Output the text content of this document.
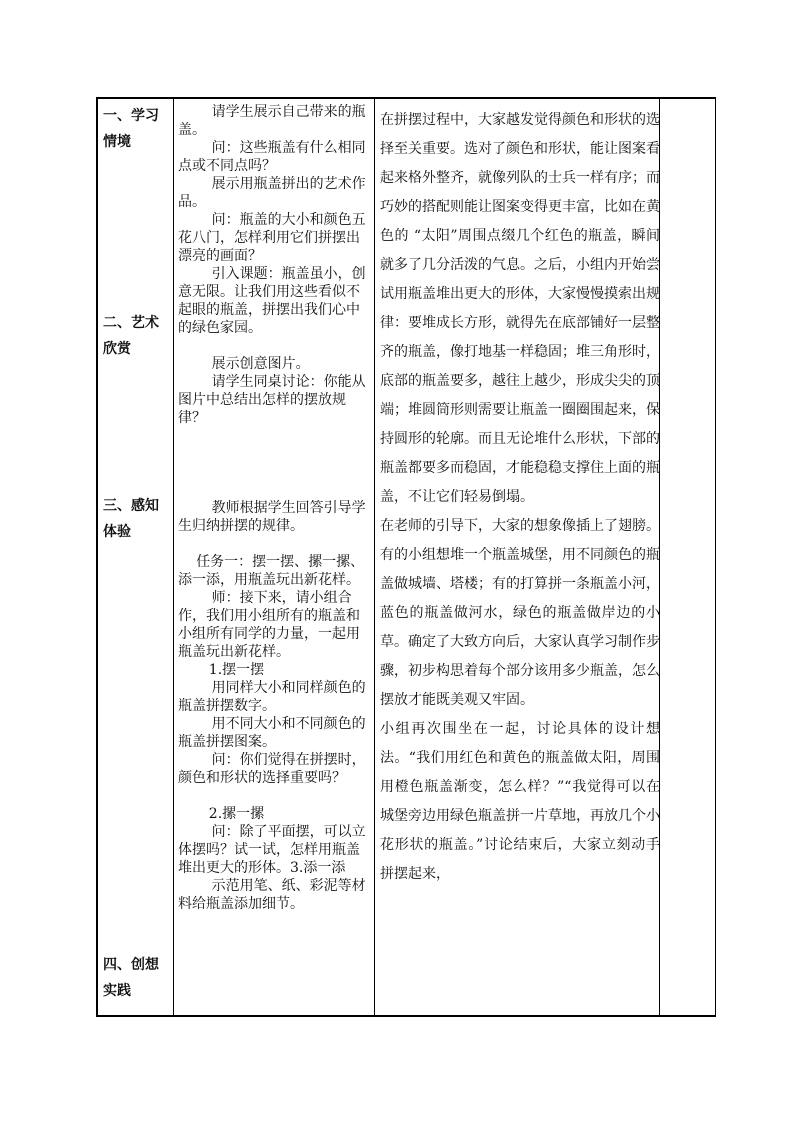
一、学习
情境
二、艺术
欣赏
三、感知
体验
四、创想
实践

请学生展示自己带来的瓶盖。

问：这些瓶盖有什么相同点或不同点吗？

展示用瓶盖拼出的艺术作品。

问：瓶盖的大小和颜色五花八门，怎样利用它们拼摆出漂亮的画面？

引入课题：瓶盖虽小，创意无限。让我们用这些看似不起眼的瓶盖，拼摆出我们心中的绿色家园。

展示创意图片。

请学生同桌讨论：你能从图片中总结出怎样的摆放规律？

教师根据学生回答引导学生归纳拼摆的规律。

任务一：摆一摆、摞一摞、添一添，用瓶盖玩出新花样。

师：接下来，请小组合作，我们用小组所有的瓶盖和小组所有同学的力量，一起用瓶盖玩出新花样。

1.摆一摆

用同样大小和同样颜色的瓶盖拼摆数字。

用不同大小和不同颜色的瓶盖拼摆图案。

问：你们觉得在拼摆时，颜色和形状的选择重要吗？

2.摞一摞

问：除了平面摆，可以立体摆吗？试一试，怎样用瓶盖堆出更大的形体。3.添一添

示范用笔、纸、彩泥等材料给瓶盖添加细节。

在拼摆过程中，大家越发觉得颜色和形状的选择至关重要。选对了颜色和形状，能让图案看起来格外整齐，就像列队的士兵一样有序；而巧妙的搭配则能让图案变得更丰富，比如在黄色的 “太阳”周围点缀几个红色的瓶盖，瞬间就多了几分活泼的气息。之后，小组内开始尝试用瓶盖堆出更大的形体，大家慢慢摸索出规律：要堆成长方形，就得先在底部铺好一层整齐的瓶盖，像打地基一样稳固；堆三角形时，底部的瓶盖要多，越往上越少，形成尖尖的顶端；堆圆筒形则需要让瓶盖一圈圈围起来，保持圆形的轮廓。而且无论堆什么形状，下部的瓶盖都要多而稳固，才能稳稳支撑住上面的瓶盖，不让它们轻易倒塌。

在老师的引导下，大家的想象像插上了翅膀。有的小组想堆一个瓶盖城堡，用不同颜色的瓶盖做城墙、塔楼；有的打算拼一条瓶盖小河，蓝色的瓶盖做河水，绿色的瓶盖做岸边的小草。确定了大致方向后，大家认真学习制作步骤，初步构思着每个部分该用多少瓶盖，怎么摆放才能既美观又牢固。

小组再次围坐在一起，讨论具体的设计想法。“我们用红色和黄色的瓶盖做太阳，周围用橙色瓶盖渐变，怎么样？”“我觉得可以在城堡旁边用绿色瓶盖拼一片草地，再放几个小花形状的瓶盖。”讨论结束后，大家立刻动手拼摆起来，
